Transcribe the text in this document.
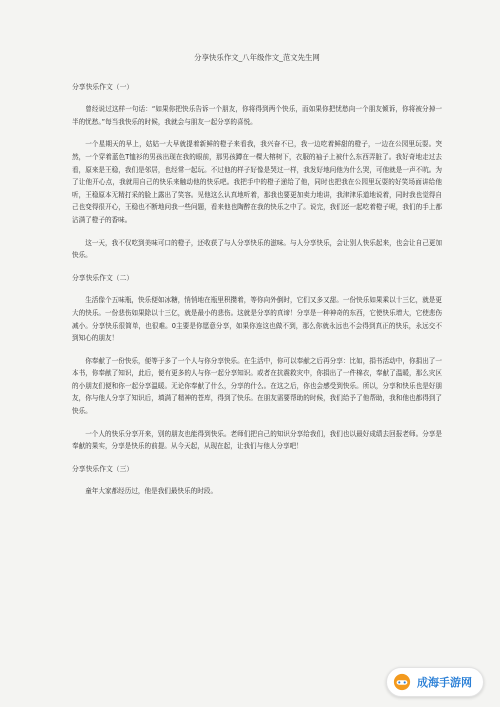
分享快乐作文_八年级作文_范文先生网
分享快乐作文（一）

曾经说过这样一句话：“如果你把快乐告诉一个朋友，你将得到两个快乐，而如果你把忧愁向一个朋友倾诉，你将被分掉一半的忧愁。”每当我快乐的时候，我就会与朋友一起分享的喜悦。

一个星期天的早上，姑姑一大早就提着新鲜的橙子来看我，我兴奋不已，我一边吃着鲜甜的橙子，一边在公园里玩耍。突然，一个穿着蓝色T恤衫的男孩出现在我的眼前，那男孩蹲在一棵大榕树下，衣服的袖子上被什么东西弄脏了。我好奇地走过去看，原来是王稳，我们是邻居，也经常一起玩。不过他的样子好像是哭过一样，我发好地问他为什么哭，可他就是一声不吭。为了让他开心点，我就用自己的快乐来触动他的快乐吧。我把手中的橙子递给了他，同时也把我在公园里玩耍的好笑场面讲给他听，王稳原本无精打采的脸上露出了笑容。见他这么认真地听着，那我也要更加卖力地讲，我津津乐道地说着，同时我也觉得自己也变得很开心，王稳也不断地问我一些问题，看来他也陶醉在我的快乐之中了。说完，我们还一起吃着橙子呢，我们的手上都沾满了橙子的香味。

这一天，我不仅吃到美味可口的橙子，还收获了与人分享快乐的滋味。与人分享快乐，会让别人快乐起来，也会让自己更加快乐。

分享快乐作文（二）

生活像个五味瓶，快乐便如冰糖，悄悄地在瓶里积攒着，等你向外倒时，它们又多又甜。一份快乐如果乘以十三亿，就是更大的快乐。一份悲伤如果除以十三亿，就是最小的悲伤。这就是分享的真谛！分享是一种神奇的东西，它使快乐增大，它使悲伤减小。分享快乐很简单，也很难。0主要是你愿意分享，如果你连这也做不到，那么你就永远也不会得到真正的快乐，永远交不到知心的朋友！

你奉献了一份快乐，便等于多了一个人与你分享快乐。在生活中，你可以奉献之后再分享：比如，捐书活动中，你捐出了一本书，你奉献了知识，此后，便有更多的人与你一起分享知识。或者在抗震救灾中，你捐出了一件棉衣，奉献了温暖，那么灾区的小朋友们便和你一起分享温暖。无论你奉献了什么，分享的什么。在这之后，你也会感受到快乐。所以，分享和快乐也是好朋友，你与他人分享了知识后，填满了精神的苍库，得到了快乐。在朋友需要帮助的时候，我们给予了他帮助，我和他也都得到了快乐。

一个人的快乐分享开来，别的朋友也能得到快乐。老师们把自己的知识分享给我们，我们也以最好成绩去回报老师。分享是奉献的果实，分享是快乐的前提。从今天起，从现在起，让我们与他人分享吧！

分享快乐作文（三）

童年大家都经历过，他是我们最快乐的时段。

成海手游网
